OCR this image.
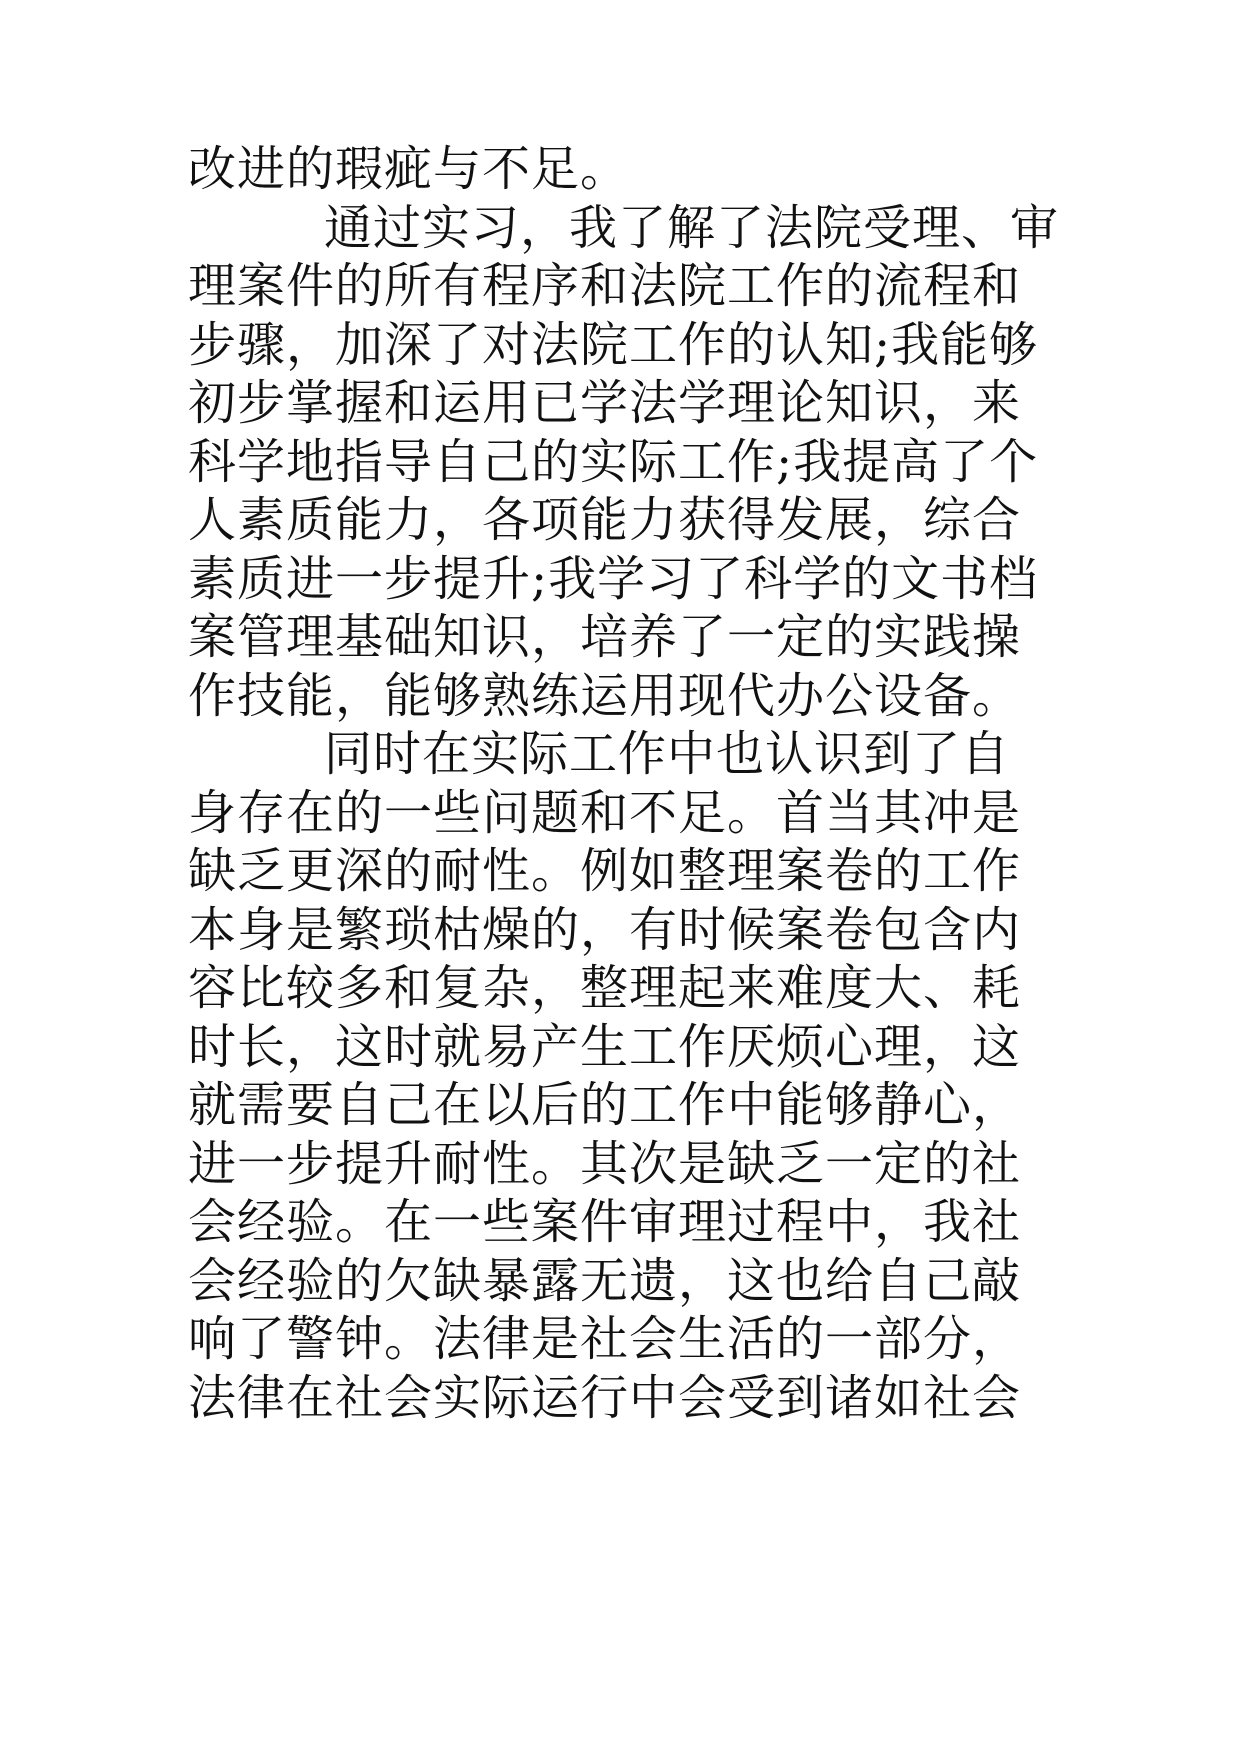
改进的瑕疵与不足。
通过实习，我了解了法院受理、审
理案件的所有程序和法院工作的流程和
步骤，加深了对法院工作的认知;我能够
初步掌握和运用已学法学理论知识，来
科学地指导自己的实际工作;我提高了个
人素质能力，各项能力获得发展，综合
素质进一步提升;我学习了科学的文书档
案管理基础知识，培养了一定的实践操
作技能，能够熟练运用现代办公设备。
同时在实际工作中也认识到了自
身存在的一些问题和不足。首当其冲是
缺乏更深的耐性。例如整理案卷的工作
本身是繁琐枯燥的，有时候案卷包含内
容比较多和复杂，整理起来难度大、耗
时长，这时就易产生工作厌烦心理，这
就需要自己在以后的工作中能够静心，
进一步提升耐性。其次是缺乏一定的社
会经验。在一些案件审理过程中，我社
会经验的欠缺暴露无遗，这也给自己敲
响了警钟。法律是社会生活的一部分，
法律在社会实际运行中会受到诸如社会
